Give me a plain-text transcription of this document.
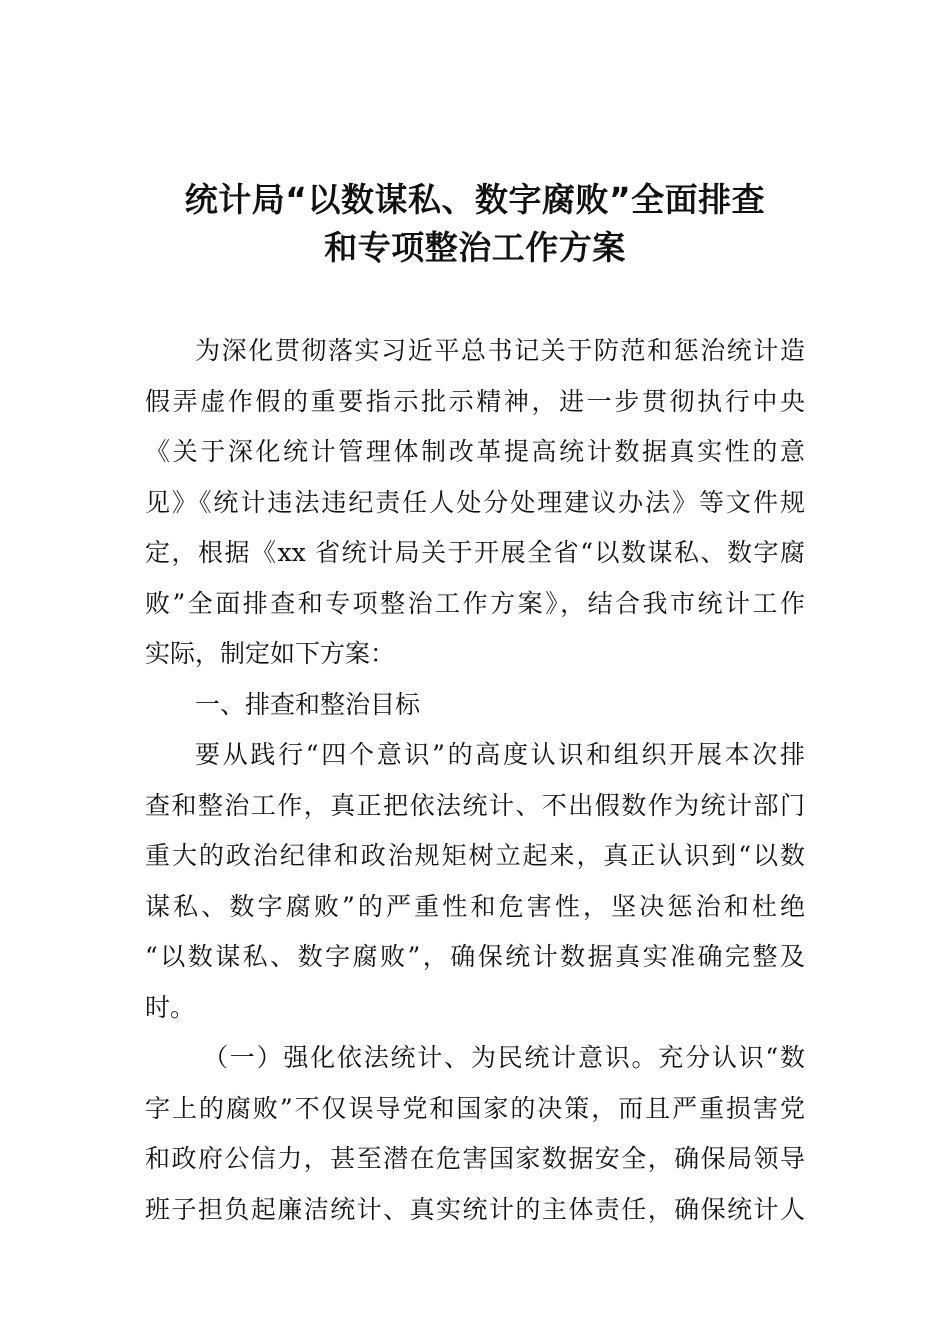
统计局“以数谋私、数字腐败”全面排查
和专项整治工作方案
为深化贯彻落实习近平总书记关于防范和惩治统计造
假弄虚作假的重要指示批示精神，进一步贯彻执行中央
《关于深化统计管理体制改革提高统计数据真实性的意
见》《统计违法违纪责任人处分处理建议办法》等文件规
定，根据《xx 省统计局关于开展全省“以数谋私、数字腐
败”全面排查和专项整治工作方案》，结合我市统计工作
实际，制定如下方案：
一、排查和整治目标
要从践行“四个意识”的高度认识和组织开展本次排
查和整治工作，真正把依法统计、不出假数作为统计部门
重大的政治纪律和政治规矩树立起来，真正认识到“以数
谋私、数字腐败”的严重性和危害性，坚决惩治和杜绝
“以数谋私、数字腐败”，确保统计数据真实准确完整及
时。
（一）强化依法统计、为民统计意识。充分认识“数
字上的腐败”不仅误导党和国家的决策，而且严重损害党
和政府公信力，甚至潜在危害国家数据安全，确保局领导
班子担负起廉洁统计、真实统计的主体责任，确保统计人
